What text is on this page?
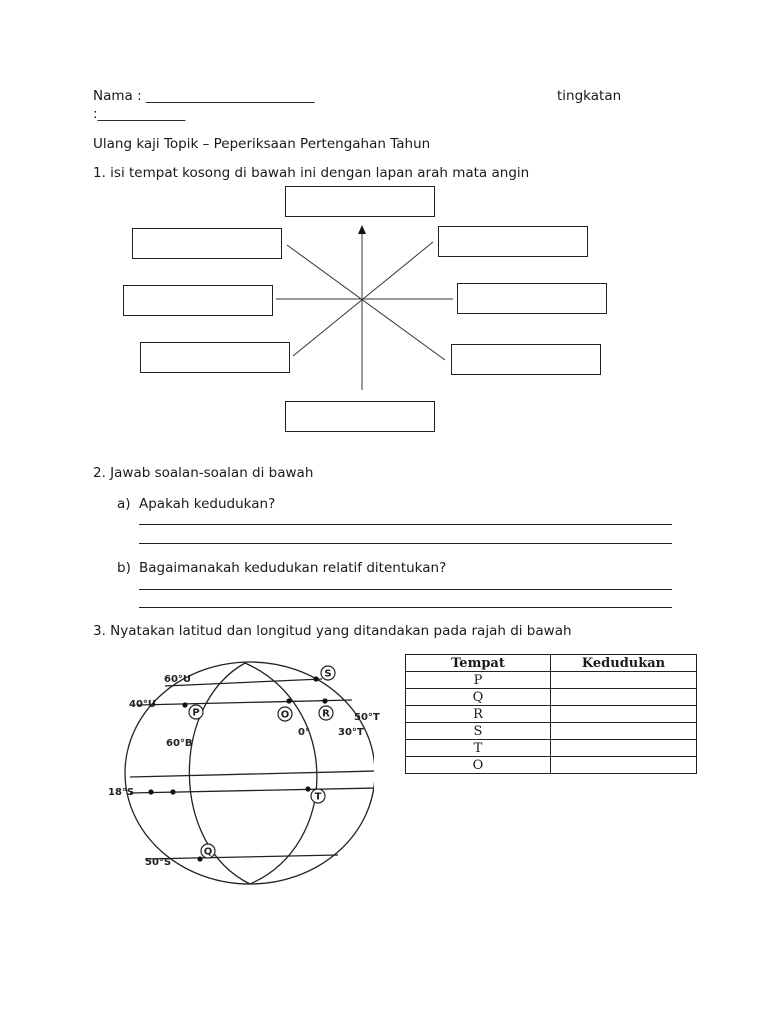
Nama : _________________________	tingkatan
:_____________
Ulang kaji Topik – Peperiksaan Pertengahan Tahun
1. isi tempat kosong di bawah ini dengan lapan arah mata angin
2. Jawab soalan-soalan di bawah
a) Apakah kedudukan?
b) Bagaimanakah kedudukan relatif ditentukan?
3. Nyatakan latitud dan longitud yang ditandakan pada rajah di bawah
S
P	O	R
T
Q
60°U
40°U
60°B
18°S
50°S
0°	30°T
50°T
Tempat	Kedudukan
P	
Q	
R	
S	
T	
O	
